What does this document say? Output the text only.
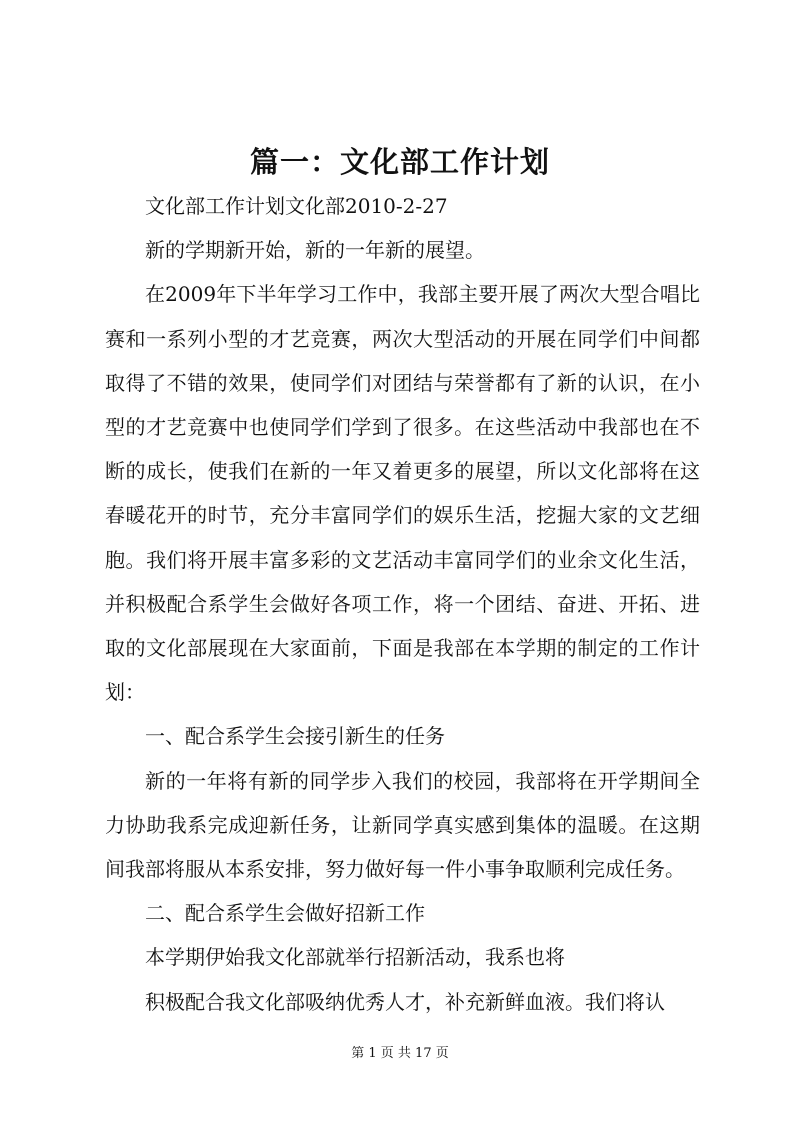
篇一：文化部工作计划

文化部工作计划文化部2010-2-27

新的学期新开始，新的一年新的展望。

在2009年下半年学习工作中，我部主要开展了两次大型合唱比赛和一系列小型的才艺竞赛，两次大型活动的开展在同学们中间都取得了不错的效果，使同学们对团结与荣誉都有了新的认识，在小型的才艺竞赛中也使同学们学到了很多。在这些活动中我部也在不断的成长，使我们在新的一年又着更多的展望，所以文化部将在这春暖花开的时节，充分丰富同学们的娱乐生活，挖掘大家的文艺细胞。我们将开展丰富多彩的文艺活动丰富同学们的业余文化生活，并积极配合系学生会做好各项工作，将一个团结、奋进、开拓、进取的文化部展现在大家面前，下面是我部在本学期的制定的工作计划：

一、配合系学生会接引新生的任务

新的一年将有新的同学步入我们的校园，我部将在开学期间全力协助我系完成迎新任务，让新同学真实感到集体的温暖。在这期间我部将服从本系安排，努力做好每一件小事争取顺利完成任务。

二、配合系学生会做好招新工作

本学期伊始我文化部就举行招新活动，我系也将

积极配合我文化部吸纳优秀人才，补充新鲜血液。我们将认

第 1 页 共 17 页
